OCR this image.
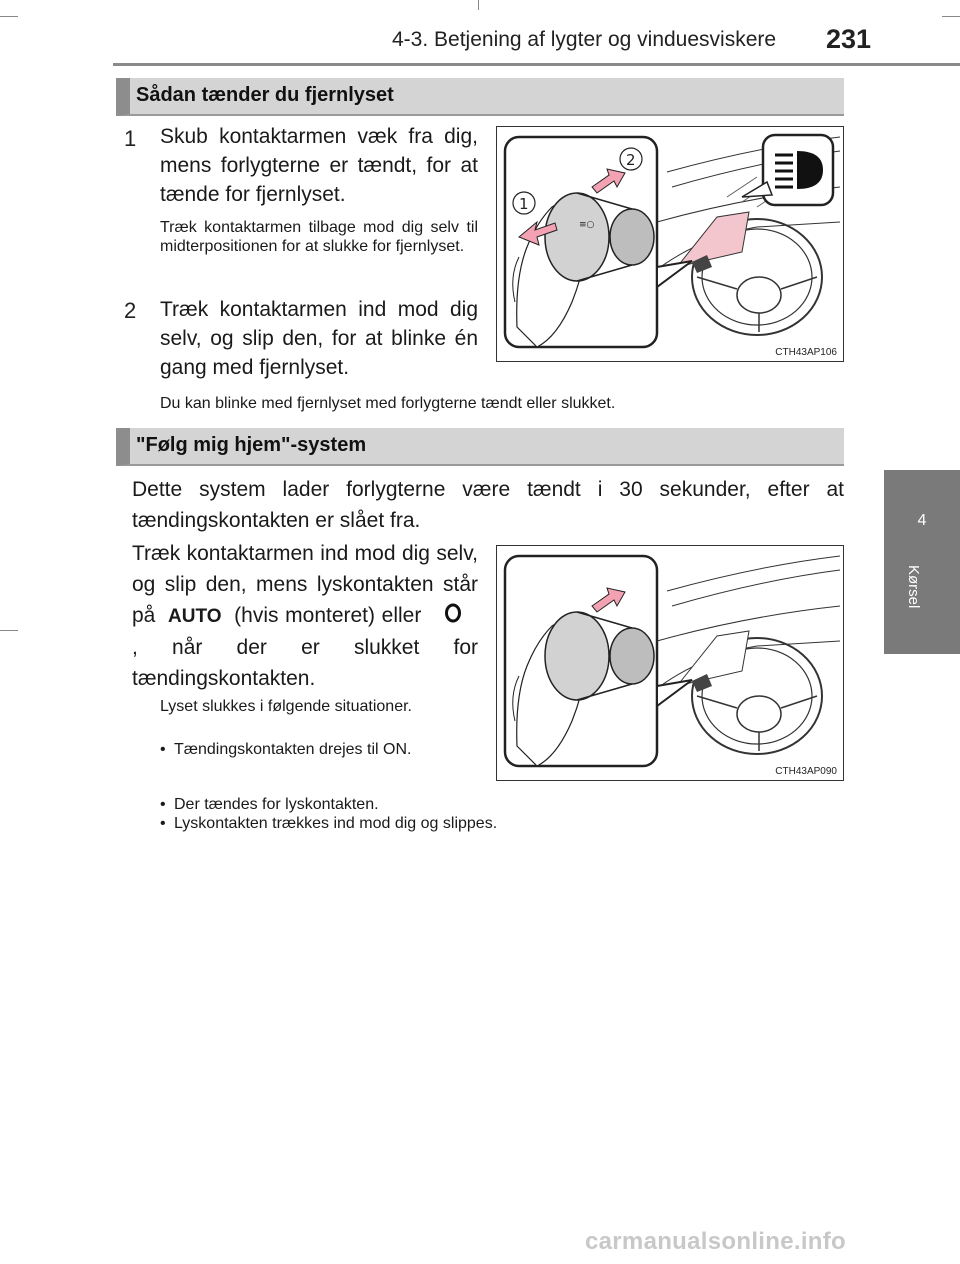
4-3. Betjening af lygter og vinduesviskere 231
4
Kørsel
Sådan tænder du fjernlyset
1	Skub kontaktarmen væk fra dig, mens forlygterne er tændt, for at tænde for fjernlyset.
Træk kontaktarmen tilbage mod dig selv til midterpositionen for at slukke for fjernlyset.
2	Træk kontaktarmen ind mod dig selv, og slip den, for at blinke én gang med fjernlyset.
≡○
1
2
CTH43AP106
Du kan blinke med fjernlyset med forlygterne tændt eller slukket.
"Følg mig hjem"-system
Dette system lader forlygterne være tændt i 30 sekunder, efter at tændingskontakten er slået fra.
Træk kontaktarmen ind mod dig selv, og slip den, mens lyskontakten står på AUTO (hvis monteret) eller , når der er slukket for tændingskontakten.
Lyset slukkes i følgende situationer.
• Tændingskontakten drejes til ON.
• Der tændes for lyskontakten.
• Lyskontakten trækkes ind mod dig og slippes.
CTH43AP090
carmanualsonline.info
